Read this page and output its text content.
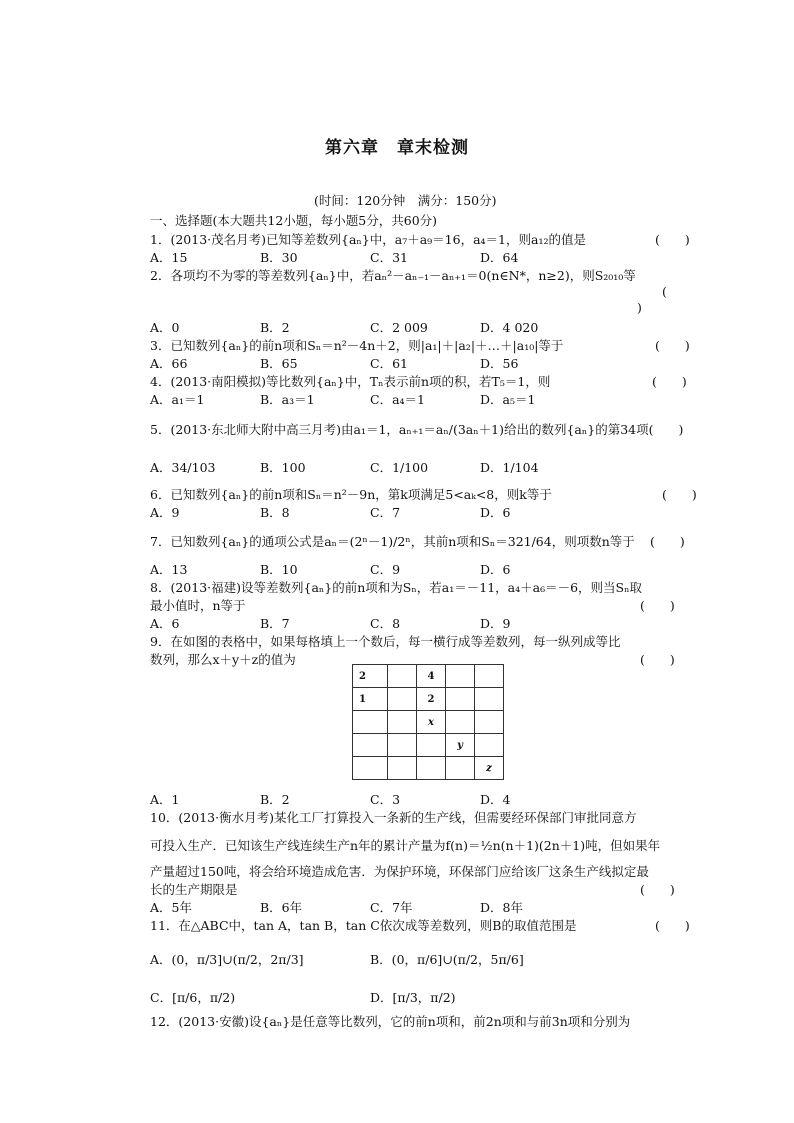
第六章　章末检测
(时间：120分钟　满分：150分)
一、选择题(本大题共12小题，每小题5分，共60分)
1．(2013·茂名月考)已知等差数列{aₙ}中，a₇＋a₉＝16，a₄＝1，则a₁₂的值是	(　　)
A．15	B．30	C．31	D．64
2．各项均不为零的等差数列{aₙ}中，若aₙ²－aₙ₋₁－aₙ₊₁＝0(n∈N*，n≥2)，则S₂₀₁₀等
(
)
A．0	B．2	C．2 009	D．4 020
3．已知数列{aₙ}的前n项和Sₙ＝n²－4n＋2，则|a₁|＋|a₂|＋…＋|a₁₀|等于	(　　)
A．66	B．65	C．61	D．56
4．(2013·南阳模拟)等比数列{aₙ}中，Tₙ表示前n项的积，若T₅＝1，则	(　　)
A．a₁＝1	B．a₃＝1	C．a₄＝1	D．a₅＝1
5．(2013·东北师大附中高三月考)由a₁＝1，aₙ₊₁＝aₙ/(3aₙ＋1)给出的数列{aₙ}的第34项(　　)
A．34/103	B．100	C．1/100	D．1/104
6．已知数列{aₙ}的前n项和Sₙ＝n²－9n，第k项满足5<aₖ<8，则k等于	(　　)
A．9	B．8	C．7	D．6
7．已知数列{aₙ}的通项公式是aₙ＝(2ⁿ－1)/2ⁿ，其前n项和Sₙ＝321/64，则项数n等于 (　　)
A．13	B．10	C．9	D．6
8．(2013·福建)设等差数列{aₙ}的前n项和为Sₙ，若a₁＝－11，a₄＋a₆＝－6，则当Sₙ取
最小值时，n等于	(　　)
A．6	B．7	C．8	D．9
9．在如图的表格中，如果每格填上一个数后，每一横行成等差数列，每一纵列成等比
数列，那么x＋y＋z的值为	(　　)
2		4		
1		2		
		x		
			y	
				z
A．1	B．2	C．3	D．4
10．(2013·衡水月考)某化工厂打算投入一条新的生产线，但需要经环保部门审批同意方
可投入生产．已知该生产线连续生产n年的累计产量为f(n)＝½n(n＋1)(2n＋1)吨，但如果年
产量超过150吨，将会给环境造成危害．为保护环境，环保部门应给该厂这条生产线拟定最
长的生产期限是	(　　)
A．5年	B．6年	C．7年	D．8年
11．在△ABC中，tan A，tan B，tan C依次成等差数列，则B的取值范围是	(　　)
A．(0，π/3]∪(π/2，2π/3]	B．(0，π/6]∪(π/2，5π/6]
C．[π/6，π/2)	D．[π/3，π/2)
12．(2013·安徽)设{aₙ}是任意等比数列，它的前n项和，前2n项和与前3n项和分别为
